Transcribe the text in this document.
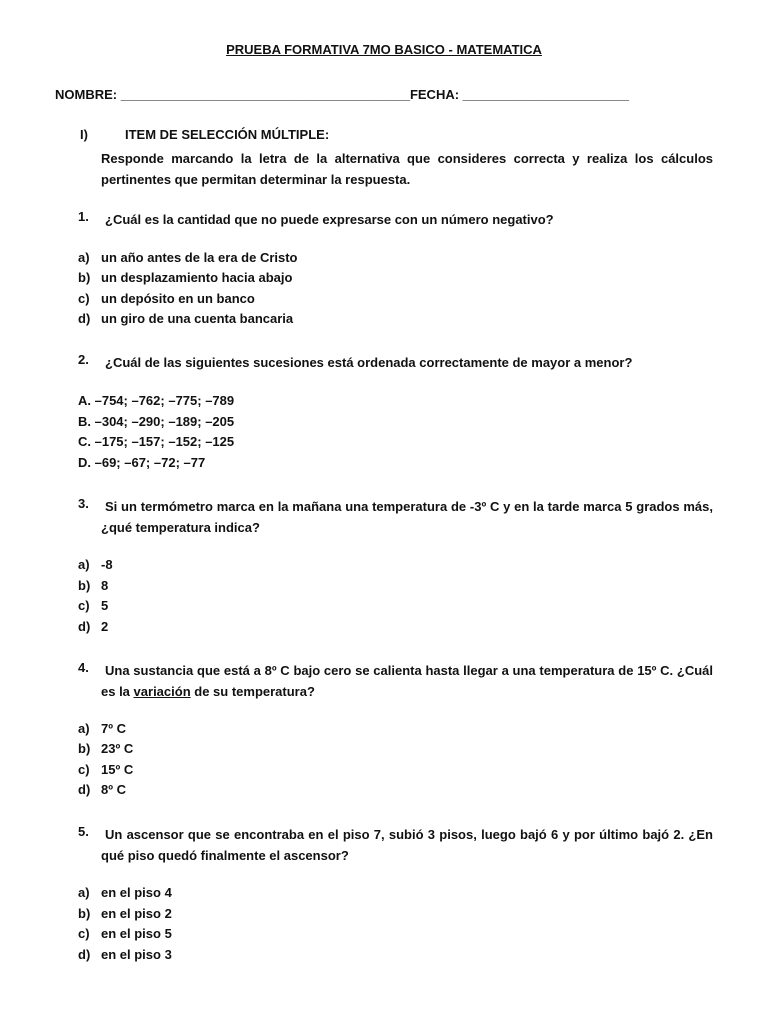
PRUEBA FORMATIVA 7MO BASICO - MATEMATICA
NOMBRE: ________________________________________FECHA: _______________________
I)	ITEM DE SELECCIÓN MÚLTIPLE:
Responde marcando la letra de la alternativa que consideres correcta y realiza los cálculos pertinentes que permitan determinar la respuesta.
1.	¿Cuál es la cantidad que no puede expresarse con un número negativo?
a) un año antes de la era de Cristo
b) un desplazamiento hacia abajo
c) un depósito en un banco
d) un giro de una cuenta bancaria
2.	¿Cuál de las siguientes sucesiones está ordenada correctamente de mayor a menor?
A. –754; –762; –775; –789
B. –304; –290; –189; –205
C. –175; –157; –152; –125
D. –69; –67; –72; –77
3.	Si un termómetro marca en la mañana una temperatura de -3º C y en la tarde marca 5 grados más, ¿qué temperatura indica?
a) -8
b) 8
c) 5
d) 2
4.	Una sustancia que está a 8º C bajo cero se calienta hasta llegar a una temperatura de 15º C. ¿Cuál es la variación de su temperatura?
a) 7º C
b) 23º C
c) 15º C
d) 8º C
5.	Un ascensor que se encontraba en el piso 7, subió 3 pisos, luego bajó 6 y por último bajó 2. ¿En qué piso quedó finalmente el ascensor?
a) en el piso 4
b) en el piso 2
c) en el piso 5
d) en el piso 3
